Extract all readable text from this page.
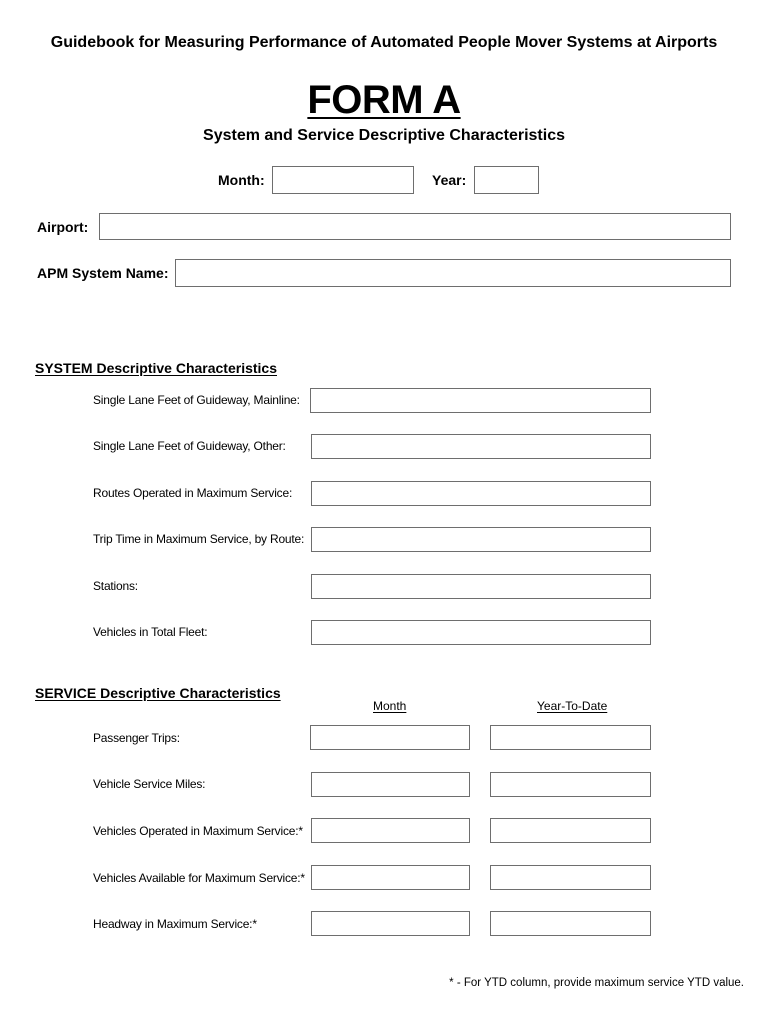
Guidebook for Measuring Performance of Automated People Mover Systems at Airports
FORM A
System and Service Descriptive Characteristics
Month:	Year:
Airport:
APM System Name:
SYSTEM Descriptive Characteristics
Single Lane Feet of Guideway, Mainline:
Single Lane Feet of Guideway, Other:
Routes Operated in Maximum Service:
Trip Time in Maximum Service, by Route:
Stations:
Vehicles in Total Fleet:
SERVICE Descriptive Characteristics
Month	Year-To-Date
Passenger Trips:
Vehicle Service Miles:
Vehicles Operated in Maximum Service:*
Vehicles Available for Maximum Service:*
Headway in Maximum Service:*
* - For YTD column, provide maximum service YTD value.
